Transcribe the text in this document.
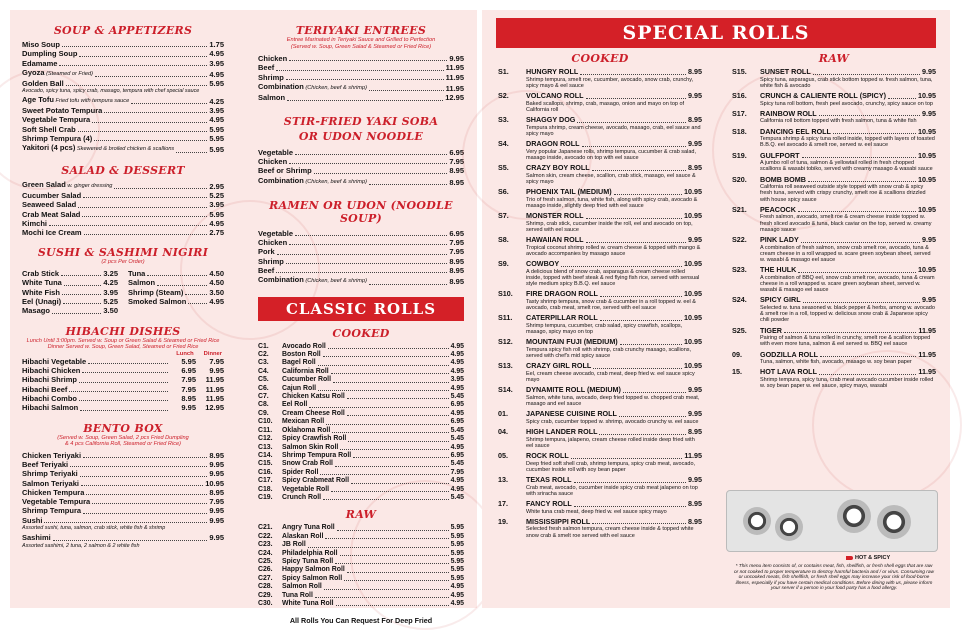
SOUP & APPETIZERS
Miso Soup	1.75
Dumpling Soup	4.95
Edamame	3.95
Gyoza (Steamed or Fried)	4.95
Golden Ball	5.95
Avocado, spicy tuna, spicy crab, masago, tempura with chef special sauce
Age Tofu Fried tofu with tempura sauce	4.25
Sweet Potato Tempura	3.95
Vegetable Tempura	4.95
Soft Shell Crab	5.95
Shrimp Tempura (4)	5.95
Yakitori (4 pcs) Skewered & broiled chicken & scallions	5.95
SALAD & DESSERT
Green Salad w. ginger dressing	2.95
Cucumber Salad	5.25
Seaweed Salad	3.95
Crab Meat Salad	5.95
Kimchi	4.95
Mochi Ice Cream	2.75
SUSHI & SASHIMI NIGIRI
(2 pcs Per Order)
Crab Stick	3.25 Tuna	4.50
White Tuna	4.25 Salmon	4.50
White Fish	3.95 Shrimp (Steam)	3.50
Eel (Unagi)	5.25 Smoked Salmon	4.95
Masago	3.50
HIBACHI DISHES
Lunch Until 3:00pm. Served w. Soup or Green Salad & Steamed or Fried Rice
Dinner Served w. Soup, Green Salad, Steamed or Fried Rice
Lunch Dinner
Hibachi Vegetable	5.95	7.95
Hibachi Chicken	6.95	9.95
Hibachi Shrimp	7.95	11.95
Hibachi Beef	7.95	11.95
Hibachi Combo	8.95	11.95
Hibachi Salmon	9.95	12.95
BENTO BOX
(Served w. Soup, Green Salad, 2 pcs Fried Dumpling
& 4 pcs California Roll, Steamed or Fried Rice)
Chicken Teriyaki	8.95
Beef Teriyaki	9.95
Shrimp Teriyaki	9.95
Salmon Teriyaki	10.95
Chicken Tempura	8.95
Vegetable Tempura	7.95
Shrimp Tempura	9.95
Sushi	9.95
Assorted sushi, tuna, salmon, crab stick, white fish & shrimp
Sashimi	9.95
Assorted sashimi, 2 tuna, 2 salmon & 2 white fish
TERIYAKI ENTREES
Entree Marinated in Teriyaki Sauce and Grilled to Perfection
(Served w. Soup, Green Salad & Steamed or Fried Rice)
Chicken	9.95
Beef	11.95
Shrimp	11.95
Combination (Chicken, beef & shrimp)	11.95
Salmon	12.95
STIR-FRIED YAKI SOBA
OR UDON NOODLE
Vegetable	6.95
Chicken	7.95
Beef or Shrimp	8.95
Combination (Chicken, beef & shrimp)	8.95
RAMEN OR UDON (NOODLE SOUP)
Vegetable	6.95
Chicken	7.95
Pork	7.95
Shrimp	8.95
Beef	8.95
Combination (Chicken, beef & shrimp)	8.95
CLASSIC ROLLS
COOKED
C1.	Avocado Roll	4.95
C2.	Boston Roll	4.95
C3.	Bagel Roll	4.95
C4.	California Roll	4.95
C5.	Cucumber Roll	3.95
C6.	Cajun Roll	4.95
C7.	Chicken Katsu Roll	5.45
C8.	Eel Roll	6.95
C9.	Cream Cheese Roll	4.95
C10.	Mexican Roll	6.95
C11.	Oklahoma Roll	5.45
C12.	Spicy Crawfish Roll	5.45
C13.	Salmon Skin Roll	4.95
C14.	Shrimp Tempura Roll	6.95
C15.	Snow Crab Roll	5.45
C16.	Spider Roll	7.95
C17.	Spicy Crabmeat Roll	4.95
C18.	Vegetable Roll	4.95
C19.	Crunch Roll	5.45
RAW
C21.	Angry Tuna Roll	5.95
C22.	Alaskan Roll	5.95
C23.	JB Roll	5.95
C24.	Philadelphia Roll	5.95
C25.	Spicy Tuna Roll	5.95
C26.	Happy Salmon Roll	5.95
C27.	Spicy Salmon Roll	5.95
C28.	Salmon Roll	4.95
C29.	Tuna Roll	4.95
C30.	White Tuna Roll	4.95
All Rolls You Can Request For Deep Fried
SPECIAL ROLLS
COOKED
S1.	HUNGRY ROLL	8.95
Shrimp tempura, smelt roe, cucumber, avocado, snow crab, crunchy, spicy mayo & eel sauce
S2.	VOLCANO ROLL	9.95
Baked scallops, shrimp, crab, masago, onion and mayo on top of California roll
S3.	SHAGGY DOG	8.95
Tempura shrimp, cream cheese, avocado, masago, crab, eel sauce and spicy mayo
S4.	DRAGON ROLL	9.95
Very popular Japanese rolls, shrimp tempura, cucumber & crab salad, masago inside, avocado on top with eel sauce
S5.	CRAZY BOY ROLL	8.95
Salmon skin, cream cheese, scallion, crab stick, masago, eel sauce & spicy mayo
S6.	PHOENIX TAIL (MEDIUM)	10.95
Trio of fresh salmon, tuna, white fish, along with spicy crab, avocado & masago inside, slightly deep fried with eel sauce
S7.	MONSTER ROLL	10.95
Shrimp, crab stick, cucumber inside the roll, eel and avocado on top, served with eel sauce
S8.	HAWAIIAN ROLL	9.95
Tropical coconut shrimp rolled w. cream cheese & topped with mango & avocado accompanies by masago sauce
S9.	COWBOY	10.95
A delicious blend of snow crab, asparagus & cream cheese rolled inside, topped with beef steak & red flying fish rice, served with sensual style medium spicy B.B.Q. eel sauce
S10.	FIRE DRAGON ROLL	10.95
Tasty shrimp tempura, snow crab & cucumber in a roll topped w. eel & avocado, crab meat, smelt roe, served with eel sauce
S11.	CATERPILLAR ROLL	10.95
Shrimp tempura, cucumber, crab salad, spicy crawfish, scallops, masago, spicy mayo on top
S12.	MOUNTAIN FUJI (MEDIUM)	10.95
Tempura spicy fish roll with shrimp, crab crunchy masago, scallions, served with chef's mid spicy sauce
S13.	CRAZY GIRL ROLL	10.95
Eel, cream cheese avocado, crab meat, deep fried w. eel sauce spicy mayo
S14.	DYNAMITE ROLL (MEDIUM)	9.95
Salmon, white tuna, avocado, deep fried topped w. chopped crab meat, masago and eel sauce
01.	JAPANESE CUISINE ROLL	9.95
Spicy crab, cucumber topped w. shrimp, avocado crunchy w. eel sauce
04.	HIGH LANDER ROLL	8.95
Shrimp tempura, jalapeno, cream cheese rolled inside deep fried with eel sauce
05.	ROCK ROLL	11.95
Deep fried soft shell crab, shrimp tempura, spicy crab meat, avocado, cucumber inside roll with soy bean paper
13.	TEXAS ROLL	9.95
Crab meat, avocado, cucumber inside spicy crab meat jalapeno on top with sriracha sauce
17.	FANCY ROLL	8.95
White tuna crab meat, deep fried w. eel sauce spicy mayo
19.	MISSISSIPPI ROLL	8.95
Selected fresh salmon tempura, cream cheese inside & topped white snow crab & smelt roe served with eel sauce
RAW
S15.	SUNSET ROLL	9.95
Spicy tuna, asparagus, crab stick bottom topped w. fresh salmon, tuna, white fish & avocado
S16.	CRUNCH & CALIENTE ROLL (SPICY)	10.95
Spicy tuna roll bottom, fresh peel avocado, crunchy, spicy sauce on top
S17.	RAINBOW ROLL	9.95
California roll bottom topped with fresh salmon, tuna & white fish
S18.	DANCING EEL ROLL	10.95
Tempura shrimp & spicy tuna rolled inside, topped with layers of toasted B.B.Q. eel avocado & smelt roe, served w. eel sauce
S19.	GULFPORT	10.95
A jumbo roll of tuna, salmon & yellowtail rolled in fresh chopped scallions & wasabi tobiko, served with creamy masago & wasabi sauce
S20.	BOMB BOMB	10.95
California roll seaweed outside style topped with snow crab & spicy fresh tuna, served with crispy crunchy, smelt roe & scallions drizzled with house spicy sauce
S21.	PEACOCK	10.95
Fresh salmon, avocado, smelt roe & cream cheese inside topped w. fresh sliced avocado & tuna, black caviar on the top, served w. creamy masago sauce
S22.	PINK LADY	9.95
A combination of fresh salmon, snow crab smelt roe, avocado, tuna & cream cheese in a roll wrapped w. scare green soybean sheet, served w. wasabi & masago eel sauce
S23.	THE HULK	10.95
A combination of BBQ eel, snow crab smelt roe, avocado, tuna & cream cheese in a roll wrapped w. scare green soybean sheet, served w. wasabi & masago eel sauce
S24.	SPICY GIRL	9.95
Selected w. tuna seasoned w. black pepper & herbs, among w. avocado & smelt roe in a roll, topped w. delicious snow crab & Japanese spicy chili powder
S25.	TIGER	11.95
Pairing of salmon & tuna rolled in crunchy, smelt roe & scallion topped with even more tuna, salmon & eel served w. BBQ eel sauce
09.	GODZILLA ROLL	11.95
Tuna, salmon, white fish, avocado, masago w. soy bean paper
15.	HOT LAVA ROLL	11.95
Shrimp tempura, spicy tuna, crab meat avocado cucumber inside rolled w. soy bean paper w. eel sauce, spicy mayo, wasabi
HOT & SPICY
* This menu item consists of, or contains meat, fish, shellfish, or fresh shell eggs that are raw or not cooked to proper temperature to destroy harmful bacteria and / or virus. Consuming raw or uncooked meats, fish shellfish, or fresh shell eggs may increase your risk of food-borne illness, especially if you have certain medical conditions. Before dining with us, please inform your server if a person in your food party has a food allergy.
